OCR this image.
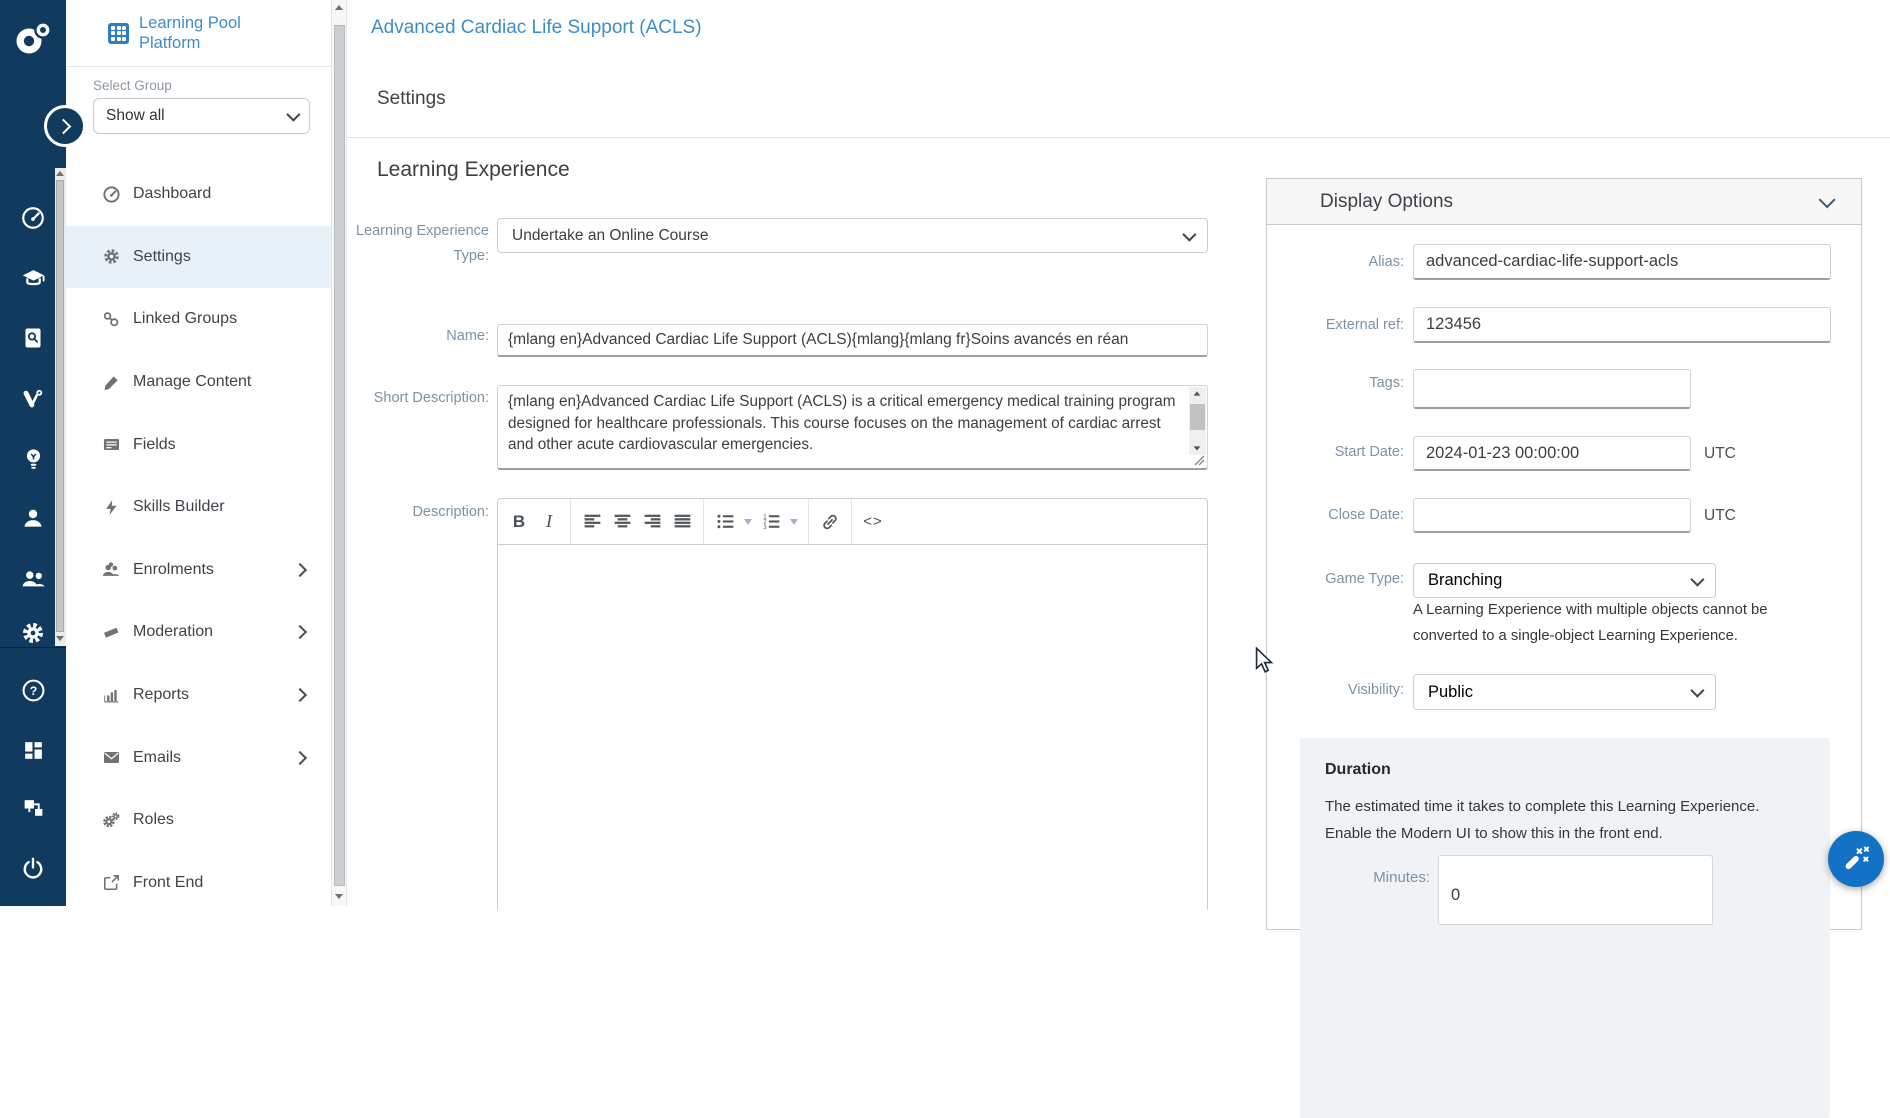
?
Learning Pool Platform
Select Group
Show all
Dashboard
Settings
Linked Groups
Manage Content
Fields
Skills Builder
Enrolments
Moderation
Reports
Emails
Roles
Front End
Advanced Cardiac Life Support (ACLS)
Settings
Learning Experience
Learning Experience Type:
Undertake an Online Course
Name:
{mlang en}Advanced Cardiac Life Support (ACLS){mlang}{mlang fr}Soins avancés en réan
Short Description:	{mlang en}Advanced Cardiac Life Support (ACLS) is a critical emergency medical training program designed for healthcare professionals. This course focuses on the management of cardiac arrest and other acute cardiovascular emergencies.
Description:	B	I	1
2
3	<>
Display Options
Alias:
advanced-cardiac-life-support-acls
External ref:
123456
Tags:
Start Date:
2024-01-23 00:00:00	UTC
Close Date:	UTC
Game Type: Branching
A Learning Experience with multiple objects cannot be converted to a single-object Learning Experience.
Visibility: Public
Duration
The estimated time it takes to complete this Learning Experience. Enable the Modern UI to show this in the front end.
Minutes:
0
